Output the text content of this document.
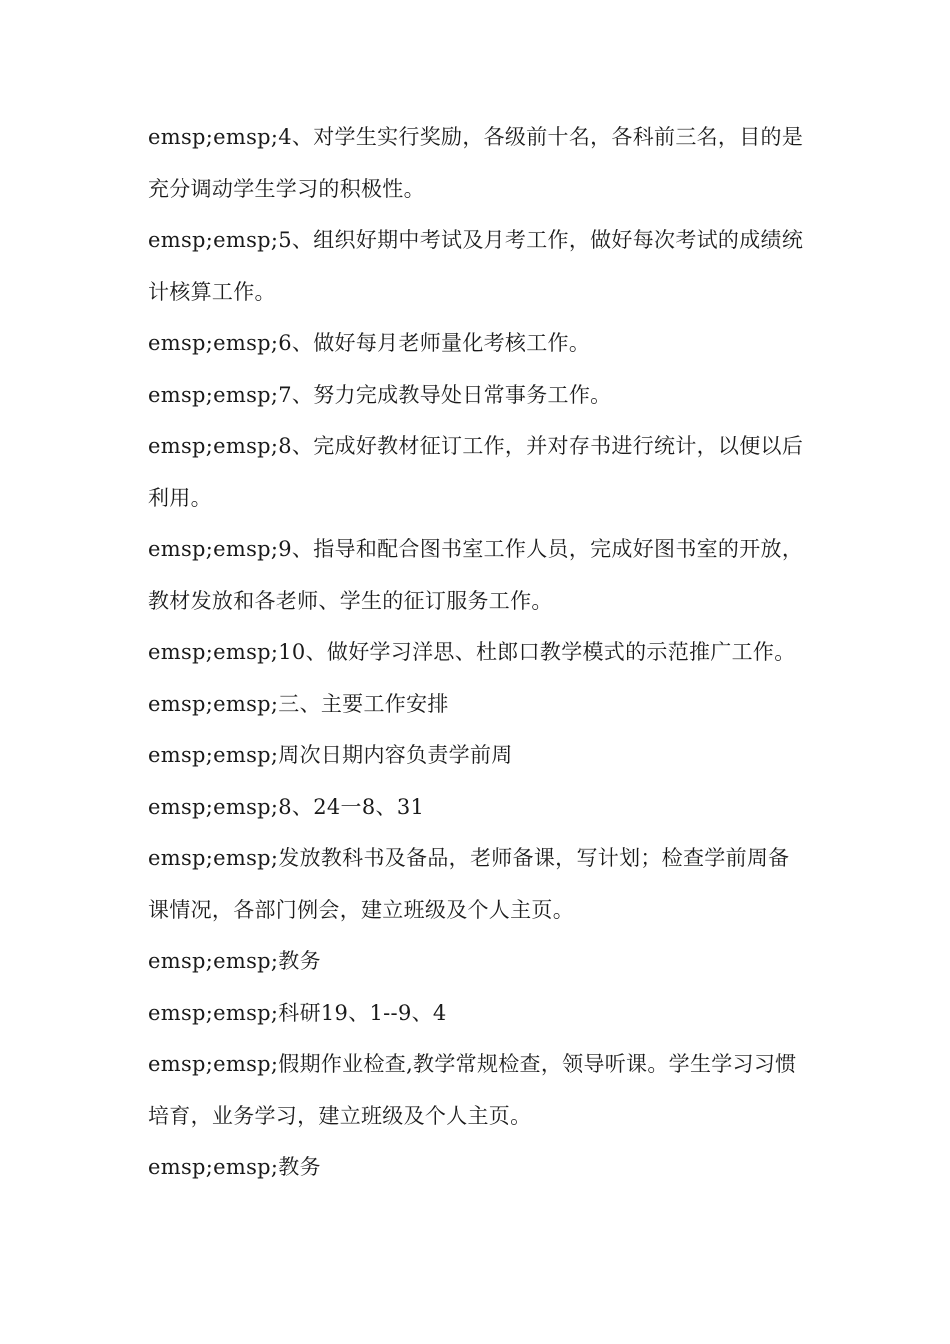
emsp;emsp;4、对学生实行奖励，各级前十名，各科前三名，目的是充分调动学生学习的积极性。

emsp;emsp;5、组织好期中考试及月考工作，做好每次考试的成绩统计核算工作。

emsp;emsp;6、做好每月老师量化考核工作。

emsp;emsp;7、努力完成教导处日常事务工作。

emsp;emsp;8、完成好教材征订工作，并对存书进行统计，以便以后利用。

emsp;emsp;9、指导和配合图书室工作人员，完成好图书室的开放，教材发放和各老师、学生的征订服务工作。

emsp;emsp;10、做好学习洋思、杜郎口教学模式的示范推广工作。

emsp;emsp;三、主要工作安排

emsp;emsp;周次日期内容负责学前周

emsp;emsp;8、24一8、31

emsp;emsp;发放教科书及备品，老师备课，写计划；检查学前周备课情况，各部门例会，建立班级及个人主页。

emsp;emsp;教务

emsp;emsp;科研19、1--9、4

emsp;emsp;假期作业检查,教学常规检查，领导听课。学生学习习惯培育，业务学习，建立班级及个人主页。

emsp;emsp;教务
